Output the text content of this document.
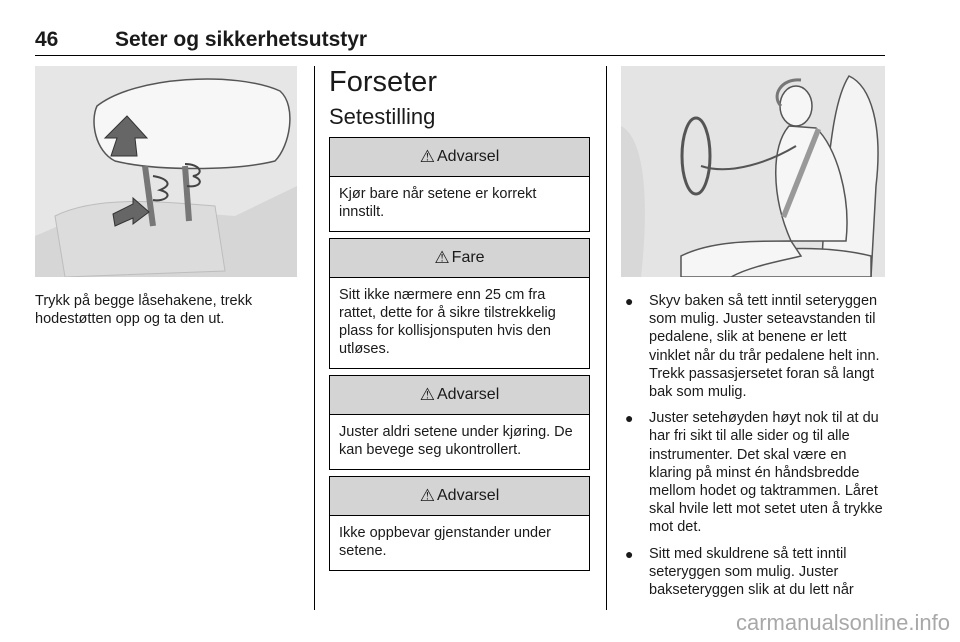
46	Seter og sikkerhetsutstyr
Trykk på begge låsehakene, trekk hodestøtten opp og ta den ut.
Forseter
Setestilling
⚠ Advarsel
Kjør bare når setene er korrekt innstilt.
⚠ Fare
Sitt ikke nærmere enn 25 cm fra rattet, dette for å sikre tilstrekkelig plass for kollisjonsputen hvis den utløses.
⚠ Advarsel
Juster aldri setene under kjøring. De kan bevege seg ukontrollert.
⚠ Advarsel
Ikke oppbevar gjenstander under setene.
● Skyv baken så tett inntil seteryggen som mulig. Juster seteavstanden til pedalene, slik at benene er lett vinklet når du trår pedalene helt inn. Trekk passasjersetet foran så langt bak som mulig.
● Juster setehøyden høyt nok til at du har fri sikt til alle sider og til alle instrumenter. Det skal være en klaring på minst én håndsbredde mellom hodet og taktrammen. Låret skal hvile lett mot setet uten å trykke mot det.
● Sitt med skuldrene så tett inntil seteryggen som mulig. Juster bakseteryggen slik at du lett når
carmanualsonline.info
